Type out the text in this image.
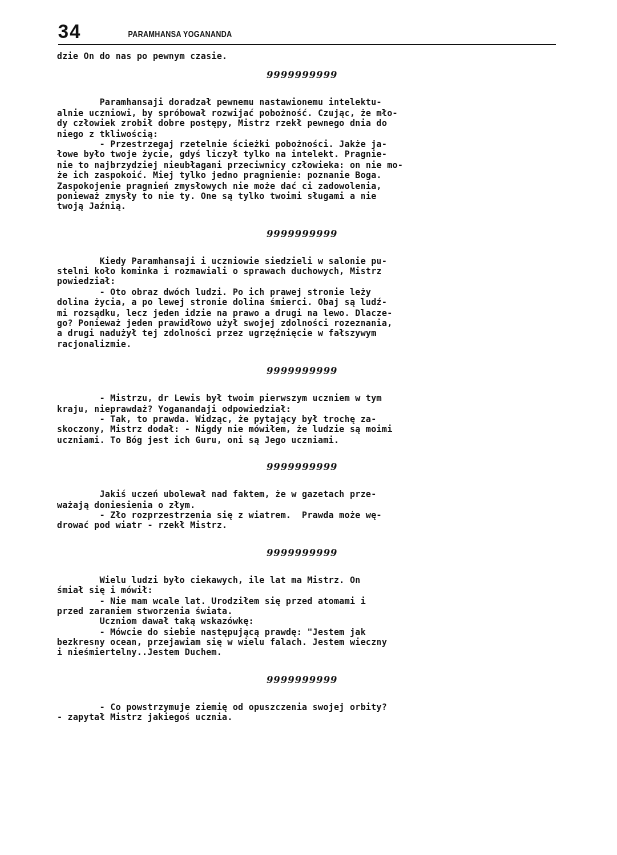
34	PARAMHANSA YOGANANDA
dzie On do nas po pewnym czasie.
9999999999
Paramhansaji doradzał pewnemu nastawionemu intelektu-
alnie uczniowi, by spróbował rozwijać pobożność. Czując, że mło-
dy człowiek zrobił dobre postępy, Mistrz rzekł pewnego dnia do
niego z tkliwością:
- Przestrzegaj rzetelnie ścieżki pobożności. Jakże ja-
łowe było twoje życie, gdyś liczył tylko na intelekt. Pragnie-
nie to najbrzydziej nieubłagani przeciwnicy człowieka: on nie mo-
że ich zaspokoić. Miej tylko jedno pragnienie: poznanie Boga.
Zaspokojenie pragnień zmysłowych nie może dać ci zadowolenia,
ponieważ zmysły to nie ty. One są tylko twoimi sługami a nie
twoją Jaźnią.
9999999999
Kiedy Paramhansaji i uczniowie siedzieli w salonie pu-
stelni koło kominka i rozmawiali o sprawach duchowych, Mistrz
powiedział:
- Oto obraz dwóch ludzi. Po ich prawej stronie leży
dolina życia, a po lewej stronie dolina śmierci. Obaj są ludź-
mi rozsądku, lecz jeden idzie na prawo a drugi na lewo. Dlacze-
go? Ponieważ jeden prawidłowo użył swojej zdolności rozeznania,
a drugi nadużył tej zdolności przez ugrzęźnięcie w fałszywym
racjonalizmie.
9999999999
- Mistrzu, dr Lewis był twoim pierwszym uczniem w tym
kraju, nieprawdaż? Yoganandaji odpowiedział:
- Tak, to prawda. Widząc, że pytający był trochę za-
skoczony, Mistrz dodał: - Nigdy nie mówiłem, że ludzie są moimi
uczniami. To Bóg jest ich Guru, oni są Jego uczniami.
9999999999
Jakiś uczeń ubolewał nad faktem, że w gazetach prze-
ważają doniesienia o złym.
- Zło rozprzestrzenia się z wiatrem.  Prawda może wę-
drować pod wiatr - rzekł Mistrz.
9999999999
Wielu ludzi było ciekawych, ile lat ma Mistrz. On
śmiał się i mówił:
- Nie mam wcale lat. Urodziłem się przed atomami i
przed zaraniem stworzenia świata.
Uczniom dawał taką wskazówkę:
- Mówcie do siebie następującą prawdę: "Jestem jak
bezkresny ocean, przejawiam się w wielu falach. Jestem wieczny
i nieśmiertelny..Jestem Duchem.
9999999999
- Co powstrzymuje ziemię od opuszczenia swojej orbity?
- zapytał Mistrz jakiegoś ucznia.
